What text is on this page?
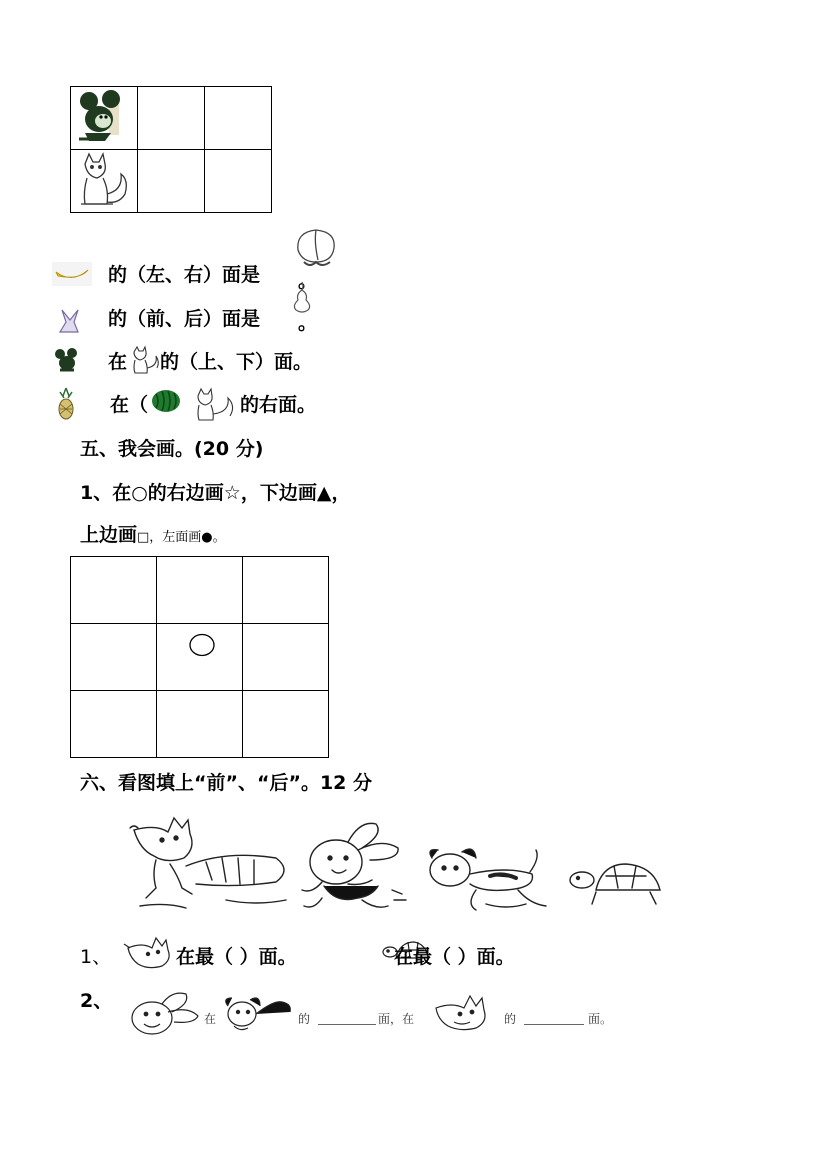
的（左、右）面是 。
的（前、后）面是 。
在 的（上、下）面。
在（	的右面。
五、我会画。(20 分)
1、在○的右边画☆，下边画▲，
上边画□，左面画●。

六、看图填上“前”、“后”。12 分
1、	在最（ ）面。	在最（ ）面。
2、
在	的	面，在	的	面。
